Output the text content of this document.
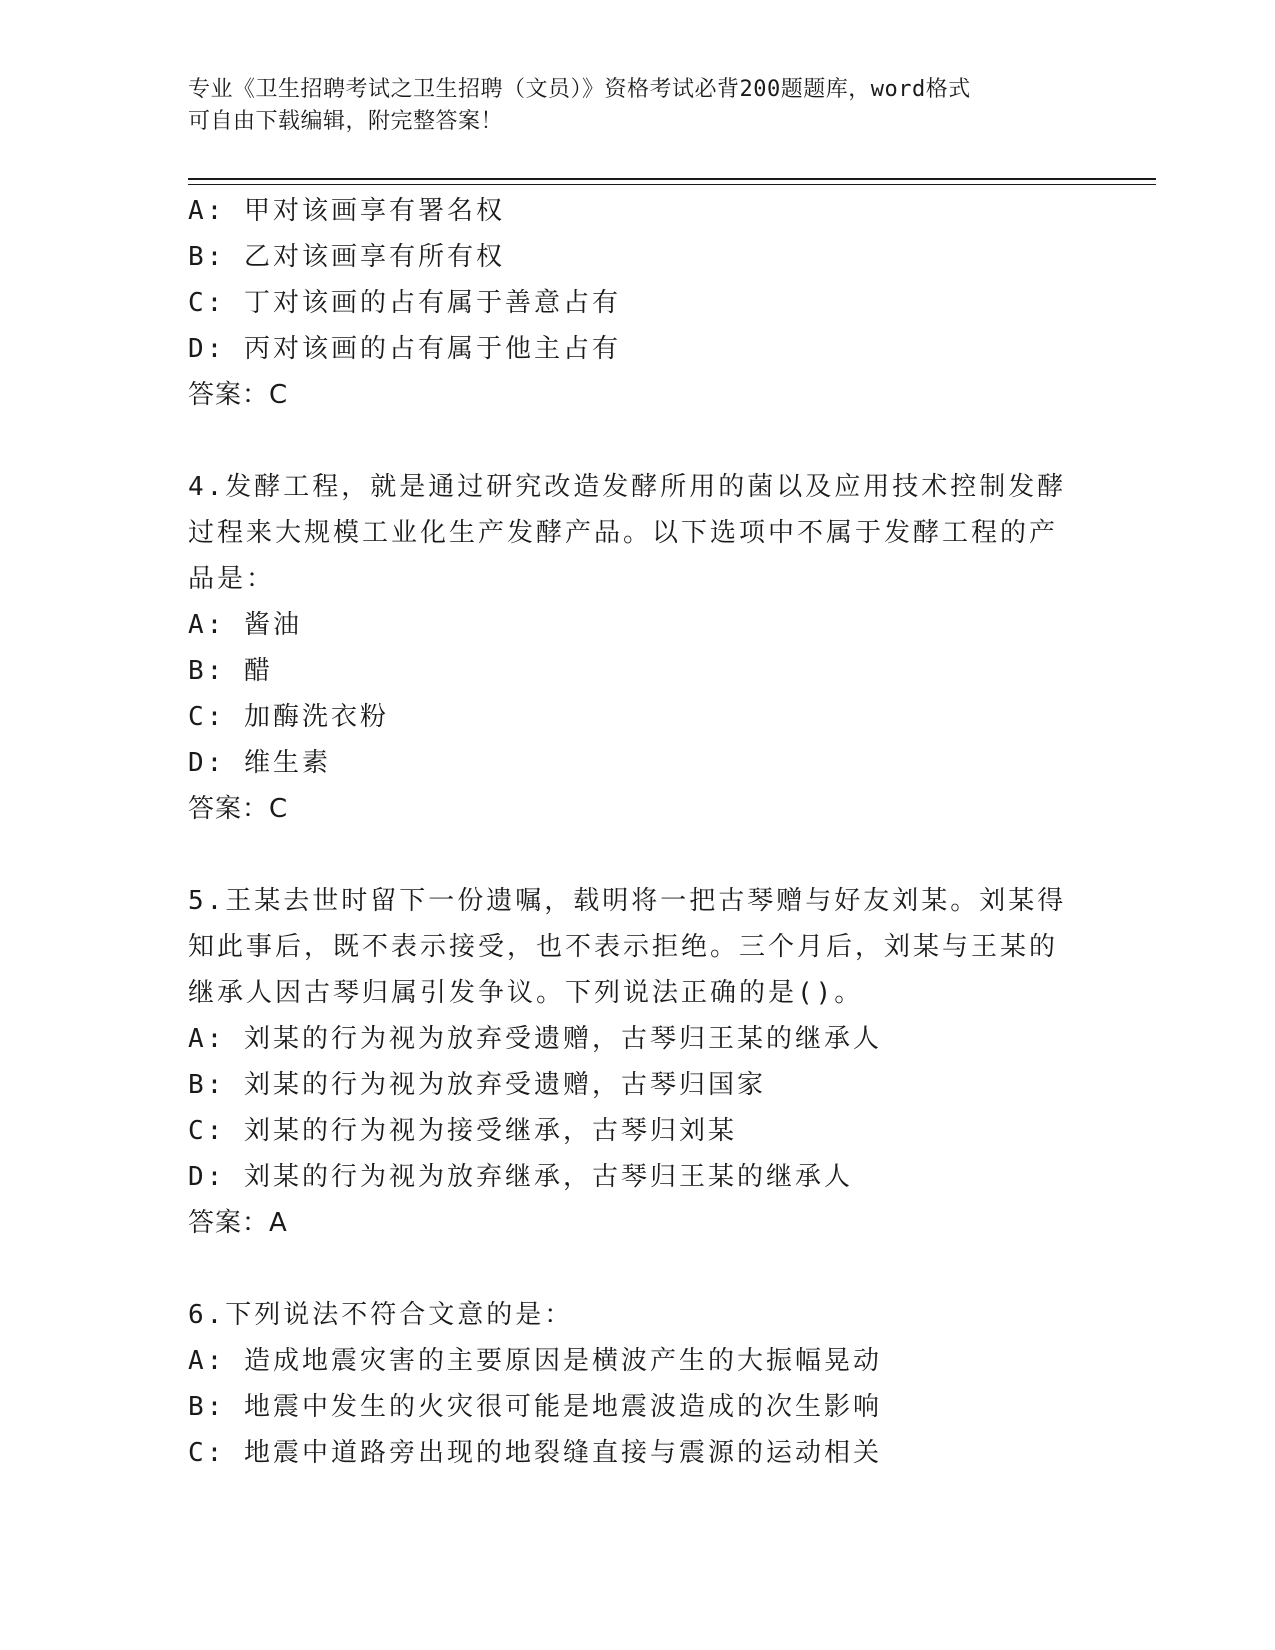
专业《卫生招聘考试之卫生招聘（文员）》资格考试必背200题题库，word格式
可自由下载编辑，附完整答案！
A: 甲对该画享有署名权
B: 乙对该画享有所有权
C: 丁对该画的占有属于善意占有
D: 丙对该画的占有属于他主占有
答案：C
4.发酵工程，就是通过研究改造发酵所用的菌以及应用技术控制发酵
过程来大规模工业化生产发酵产品。以下选项中不属于发酵工程的产
品是：
A: 酱油
B: 醋
C: 加酶洗衣粉
D: 维生素
答案：C
5.王某去世时留下一份遗嘱，载明将一把古琴赠与好友刘某。刘某得
知此事后，既不表示接受，也不表示拒绝。三个月后，刘某与王某的
继承人因古琴归属引发争议。下列说法正确的是()。
A: 刘某的行为视为放弃受遗赠，古琴归王某的继承人
B: 刘某的行为视为放弃受遗赠，古琴归国家
C: 刘某的行为视为接受继承，古琴归刘某
D: 刘某的行为视为放弃继承，古琴归王某的继承人
答案：A
6.下列说法不符合文意的是：
A: 造成地震灾害的主要原因是横波产生的大振幅晃动
B: 地震中发生的火灾很可能是地震波造成的次生影响
C: 地震中道路旁出现的地裂缝直接与震源的运动相关
